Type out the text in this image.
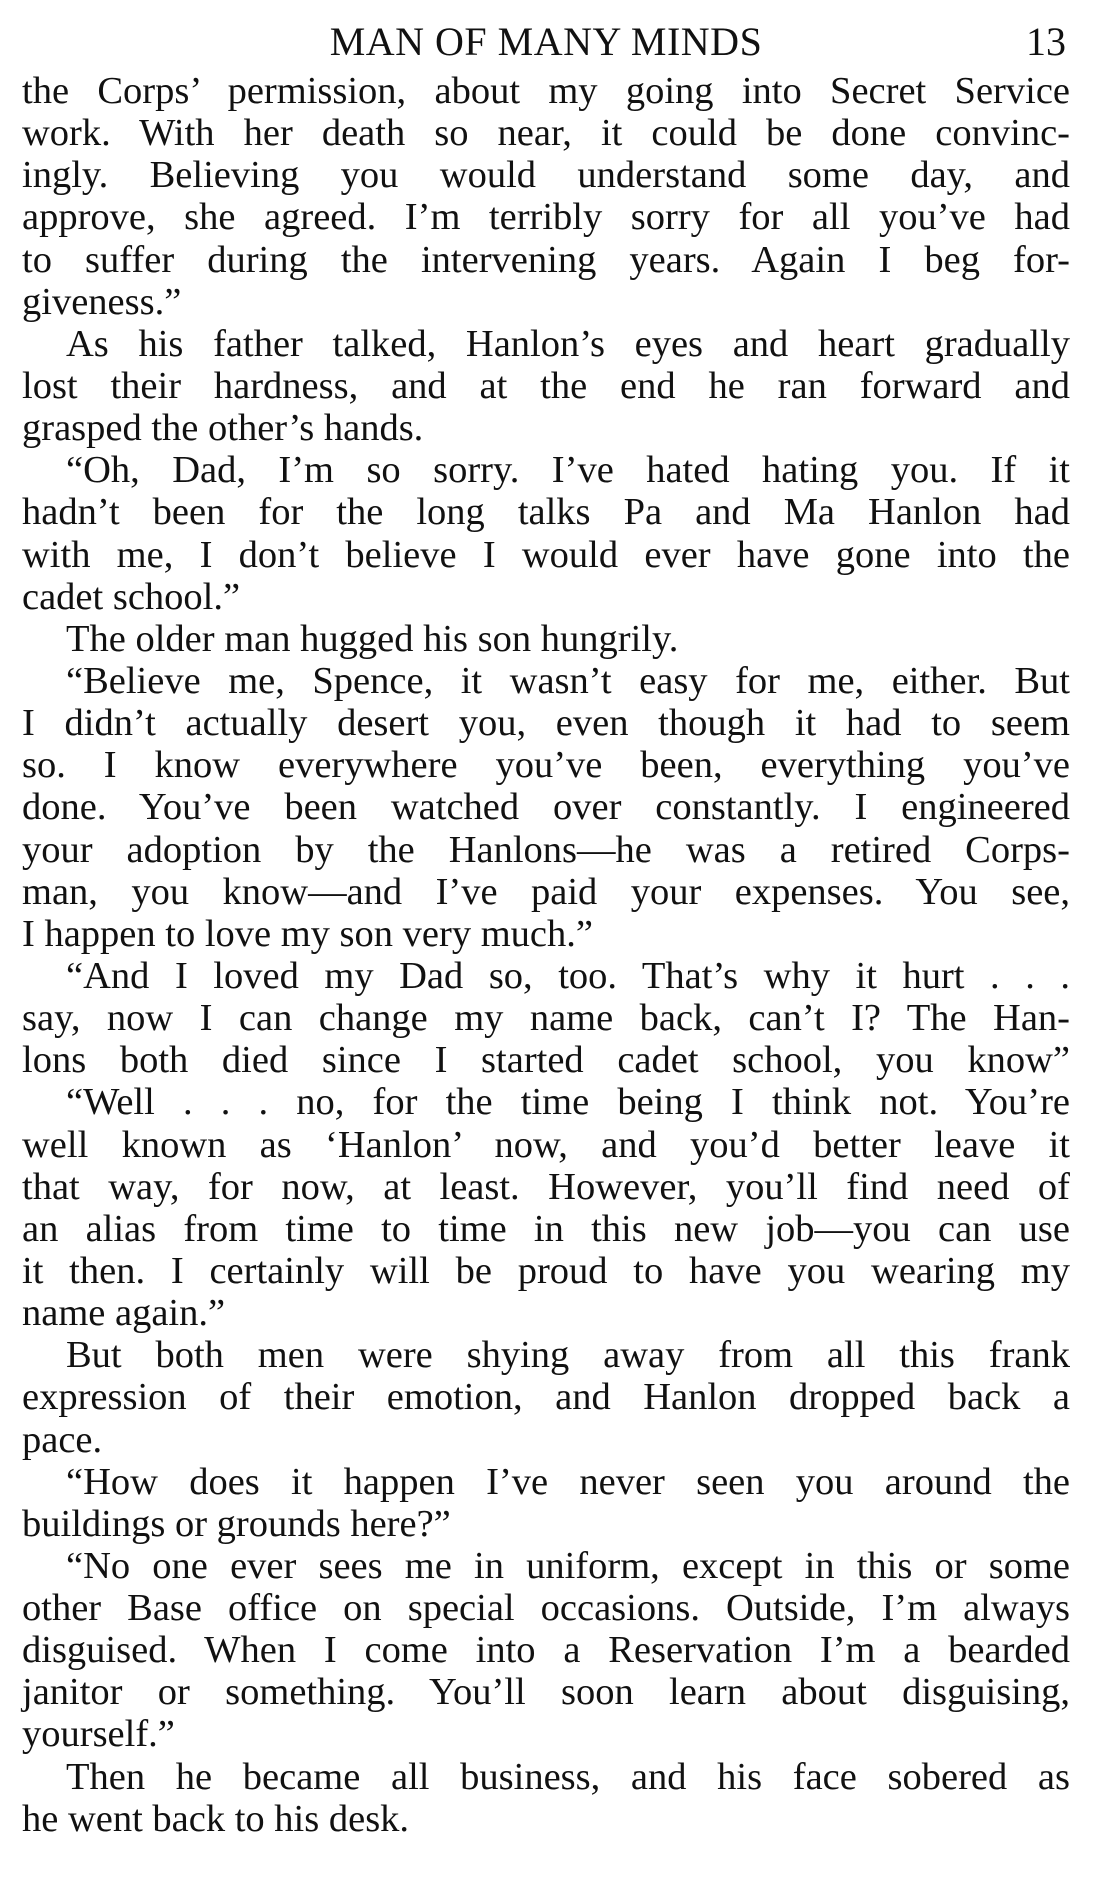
MAN OF MANY MINDS	13
the Corps’ permission, about my going into Secret Service
work. With her death so near, it could be done convinc-
ingly. Believing you would understand some day, and
approve, she agreed. I’m terribly sorry for all you’ve had
to suffer during the intervening years. Again I beg for-
giveness.”
As his father talked, Hanlon’s eyes and heart gradually
lost their hardness, and at the end he ran forward and
grasped the other’s hands.
“Oh, Dad, I’m so sorry. I’ve hated hating you. If it
hadn’t been for the long talks Pa and Ma Hanlon had
with me, I don’t believe I would ever have gone into the
cadet school.”
The older man hugged his son hungrily.
“Believe me, Spence, it wasn’t easy for me, either. But
I didn’t actually desert you, even though it had to seem
so. I know everywhere you’ve been, everything you’ve
done. You’ve been watched over constantly. I engineered
your adoption by the Hanlons—he was a retired Corps-
man, you know—and I’ve paid your expenses. You see,
I happen to love my son very much.”
“And I loved my Dad so, too. That’s why it hurt . . .
say, now I can change my name back, can’t I? The Han-
lons both died since I started cadet school, you know”
“Well . . . no, for the time being I think not. You’re
well known as ‘Hanlon’ now, and you’d better leave it
that way, for now, at least. However, you’ll find need of
an alias from time to time in this new job—you can use
it then. I certainly will be proud to have you wearing my
name again.”
But both men were shying away from all this frank
expression of their emotion, and Hanlon dropped back a
pace.
“How does it happen I’ve never seen you around the
buildings or grounds here?”
“No one ever sees me in uniform, except in this or some
other Base office on special occasions. Outside, I’m always
disguised. When I come into a Reservation I’m a bearded
janitor or something. You’ll soon learn about disguising,
yourself.”
Then he became all business, and his face sobered as
he went back to his desk.
